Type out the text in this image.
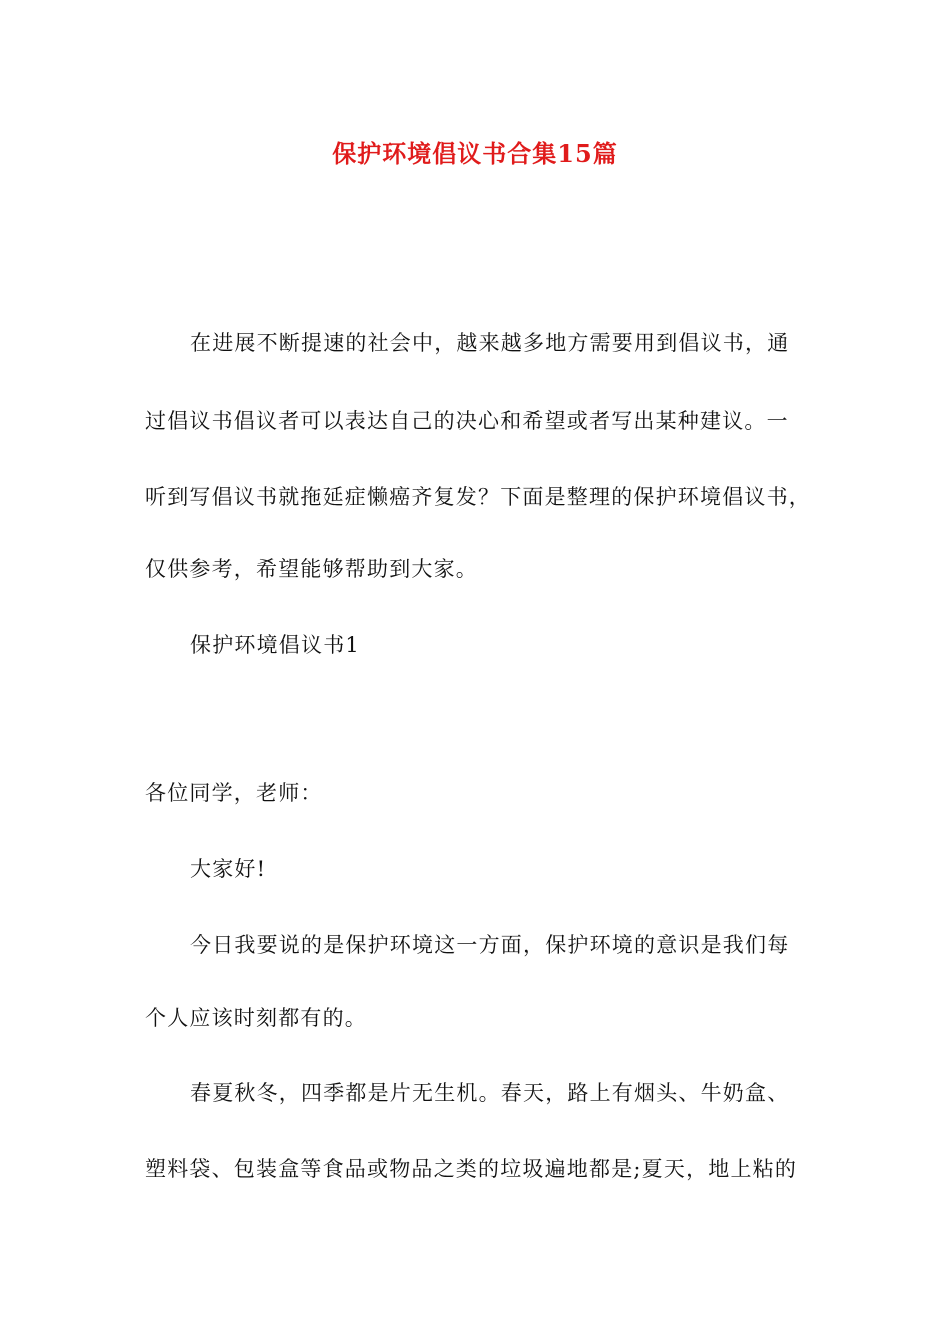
保护环境倡议书合集15篇
在进展不断提速的社会中，越来越多地方需要用到倡议书，通
过倡议书倡议者可以表达自己的决心和希望或者写出某种建议。一
听到写倡议书就拖延症懒癌齐复发？下面是整理的保护环境倡议书，
仅供参考，希望能够帮助到大家。
保护环境倡议书1
各位同学，老师：
大家好!
今日我要说的是保护环境这一方面，保护环境的意识是我们每
个人应该时刻都有的。
春夏秋冬，四季都是片无生机。春天，路上有烟头、牛奶盒、
塑料袋、包装盒等食品或物品之类的垃圾遍地都是;夏天，地上粘的
